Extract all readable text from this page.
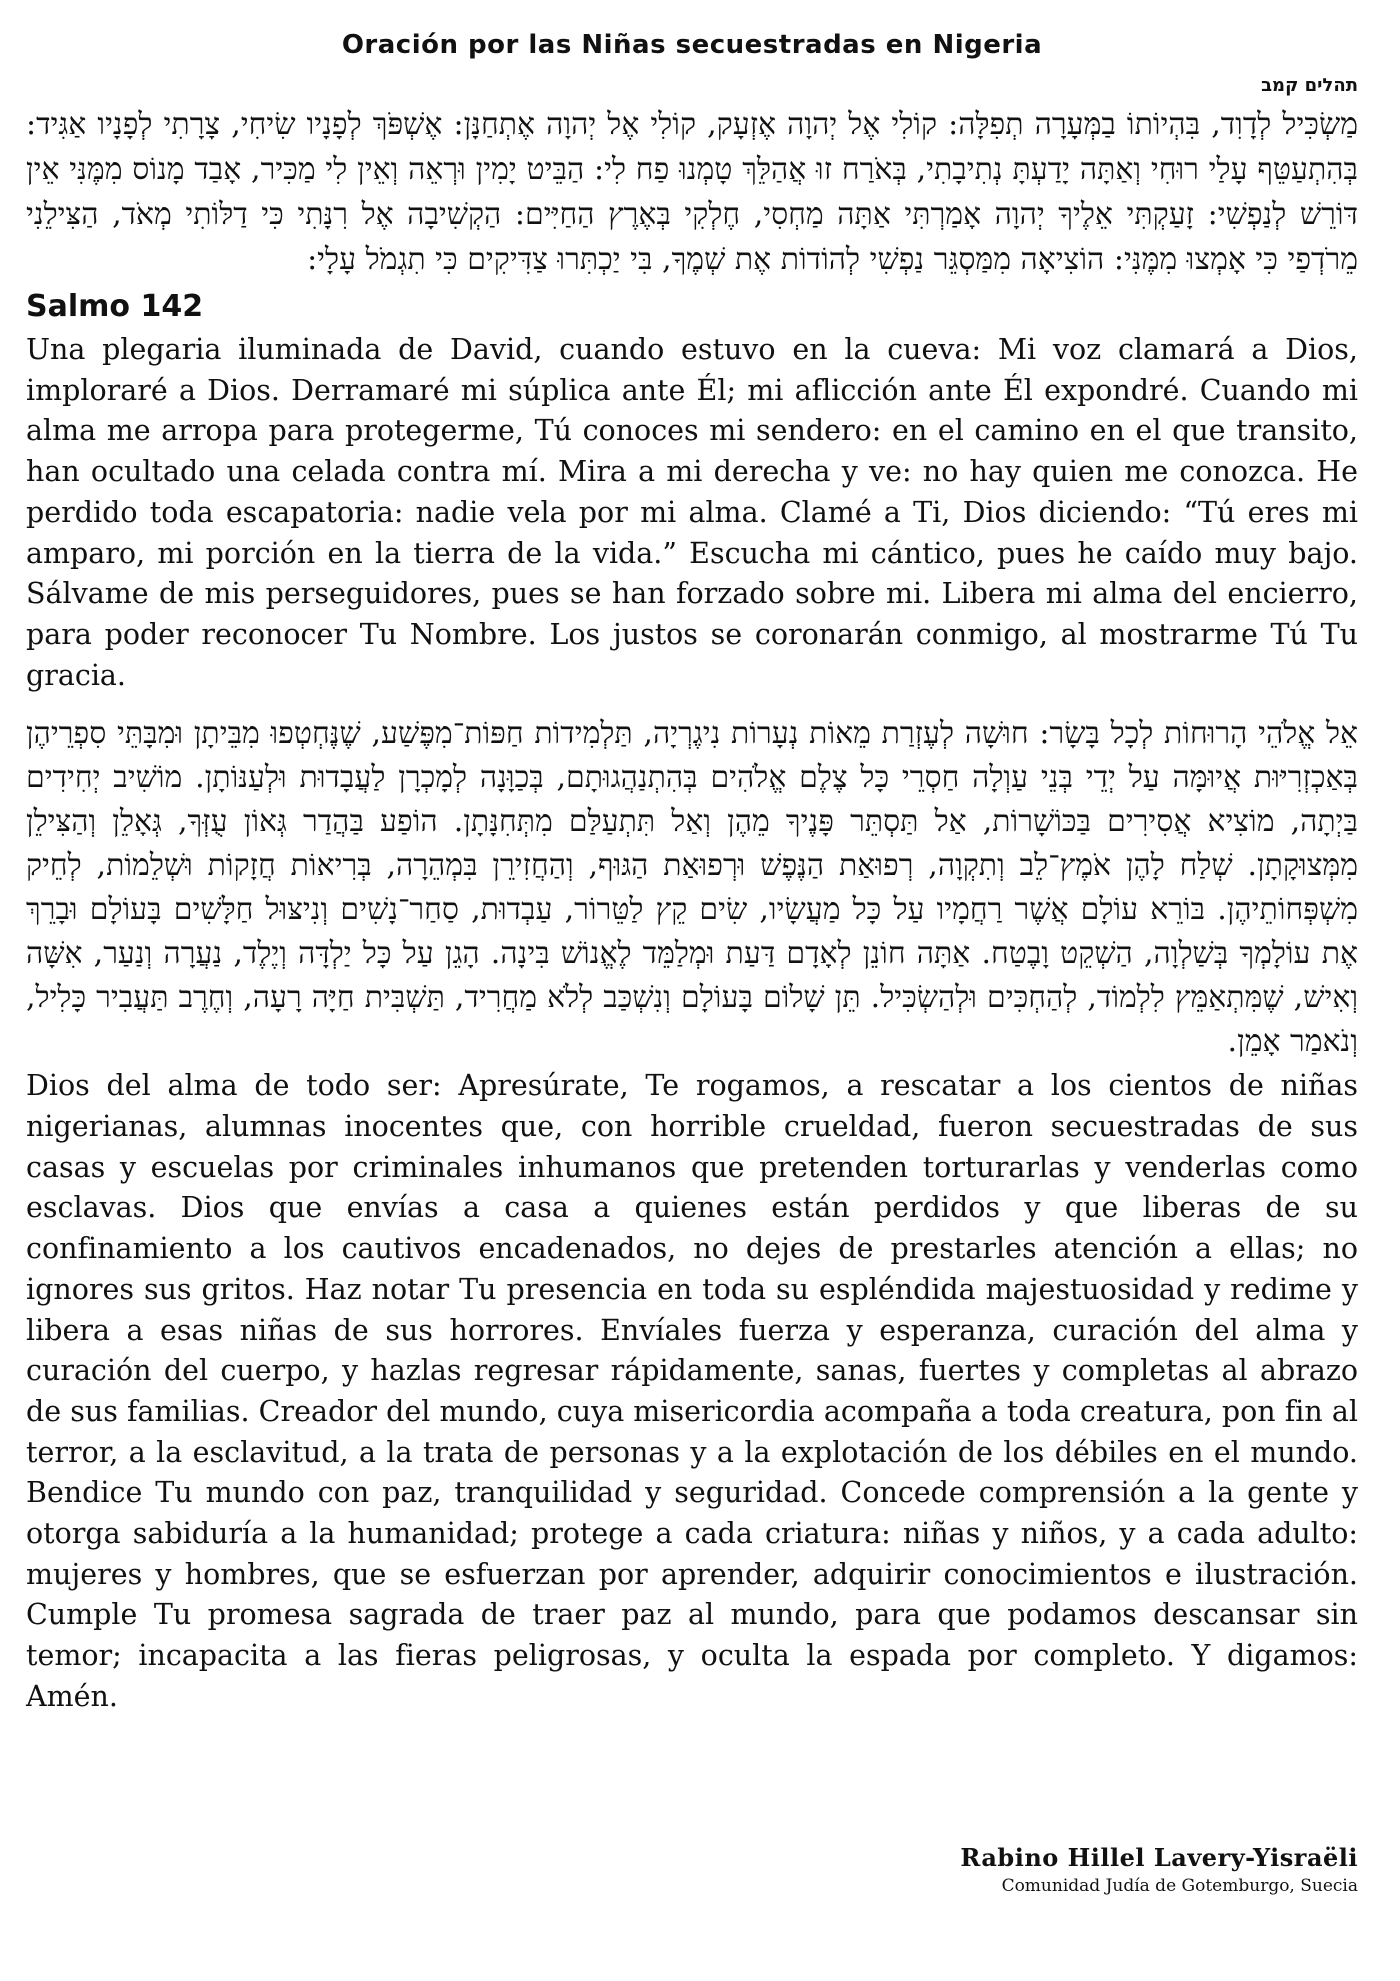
Oración por las Niñas secuestradas en Nigeria
תהלים קמב

מַשְׂכִּיל לְדָוִד, בִּהְיוֹתוֹ בַמְּעָרָה תְפִלָּה: קוֹלִי אֶל יְהוָה אֶזְעָק, קוֹלִי אֶל יְהוָה אֶתְחַנָּן: אֶשְׁפֹּךְ לְפָנָיו שִׂיחִי, צָרָתִי לְפָנָיו אַגִּיד: בְּהִתְעַטֵּף עָלַי רוּחִי וְאַתָּה יָדַעְתָּ נְתִיבָתִי, בְּאֹרַח זוּ אֲהַלֵּךְ טָמְנוּ פַח לִי: הַבֵּיט יָמִין וּרְאֵה וְאֵין לִי מַכִּיר, אָבַד מָנוֹס מִמֶּנִּי אֵין דּוֹרֵשׁ לְנַפְשִׁי: זָעַקְתִּי אֵלֶיךָ יְהוָה אָמַרְתִּי אַתָּה מַחְסִי, חֶלְקִי בְּאֶרֶץ הַחַיִּים: הַקְשִׁיבָה אֶל רִנָּתִי כִּי דַלּוֹתִי מְאֹד, הַצִּילֵנִי מֵרֹדְפַי כִּי אָמְצוּ מִמֶּנִּי: הוֹצִיאָה מִמַּסְגֵּר נַפְשִׁי לְהוֹדוֹת אֶת שְׁמֶךָ, בִּי יַכְתִּרוּ צַדִּיקִים כִּי תִגְמֹל עָלָי:

Salmo 142

Una plegaria iluminada de David, cuando estuvo en la cueva: Mi voz clamará a Dios, imploraré a Dios. Derramaré mi súplica ante Él; mi aflicción ante Él expondré. Cuando mi alma me arropa para protegerme, Tú conoces mi sendero: en el camino en el que transito, han ocultado una celada contra mí. Mira a mi derecha y ve: no hay quien me conozca. He perdido toda escapatoria: nadie vela por mi alma. Clamé a Ti, Dios diciendo: “Tú eres mi amparo, mi porción en la tierra de la vida.” Escucha mi cántico, pues he caído muy bajo. Sálvame de mis perseguidores, pues se han forzado sobre mi. Libera mi alma del encierro, para poder reconocer Tu Nombre. Los justos se coronarán conmigo, al mostrarme Tú Tu gracia.

אֵל אֱלֹהֵי הָרוּחוֹת לְכָל בָּשָׂר: חוּשָׁה לְעֶזְרַת מֵאוֹת נְעָרוֹת נִיגֶרְיָה, תַּלְמִידוֹת חַפּוֹת־מִפֶּשַׁע, שֶׁנֶּחְטְפוּ מִבֵּיתָן וּמִבָּתֵּי סִפְרֵיהֶן בְּאַכְזְרִיּוּת אֲיוּמָּה עַל יְדֵי בְּנֵי עַוְלָה חַסְרֵי כָּל צֶלֶם אֱלֹהִים בְּהִתְנַהֲגוּתָם, בְּכַוָּנָה לְמָכְרָן לַעֲבָדוּת וּלְעַנּוֹתָן. מוֹשִׁיב יְחִידִים בַּיְתָה, מוֹצִיא אֲסִירִים בַּכּוֹשָׁרוֹת, אַל תַּסְתֵּר פָּנֶיךָ מֵהֶן וְאַל תִּתְעַלַּם מִתְּחִנָּתָן. הוֹפַע בַּהֲדַר גְּאוֹן עֻזְּךָ, גְּאָלֵן וְהַצִּילֵן מִמְּצוּקָתָן. שְׁלַח לָהֶן אֹמֶץ־לֵב וְתִקְוָה, רְפוּאַת הַנֶּפֶשׁ וּרְפוּאַת הַגּוּף, וְהַחֲזִירֵן בִּמְהֵרָה, בְּרִיאוֹת חֲזָקוֹת וּשְׁלֵמוֹת, לְחֵיק מִשְׁפְּחוֹתֵיהֶן. בּוֹרֵא עוֹלָם אֲשֶׁר רַחֲמָיו עַל כָּל מַעֲשָׂיו, שִׂים קֵץ לַטֵּרוֹר, עַבְדוּת, סַחַר־נָשִׁים וְנִיצּוּל חַלָּשִׁים בָּעוֹלָם וּבָרֵךְ אֶת עוֹלָמְךָ בְּשַׁלְוָה, הַשְׁקֵט וָבֶטַח. אַתָּה חוֹנֵן לְאָדָם דַּעַת וּמְלַמֵּד לֶאֱנוֹשׁ בִּינָה. הָגֵן עַל כָּל יַלְדָּה וְיֶלֶד, נַעֲרָה וְנַעַר, אִשָּׁה וְאִישׁ, שֶׁמִּתְאַמֵּץ לִלְמוֹד, לְהַחְכִּים וּלְהַשְׂכִּיל. תֵּן שָׁלוֹם בָּעוֹלָם וְנִשְׁכַּב לְלֹא מַחֲרִיד, תַּשְׁבִּית חַיָּה רָעָה, וְחֶרֶב תַּעֲבִיר כָּלִיל, וְנֹאמַר אָמֵן.

Dios del alma de todo ser: Apresúrate, Te rogamos, a rescatar a los cientos de niñas nigerianas, alumnas inocentes que, con horrible crueldad, fueron secuestradas de sus casas y escuelas por criminales inhumanos que pretenden torturarlas y venderlas como esclavas. Dios que envías a casa a quienes están perdidos y que liberas de su confinamiento a los cautivos encadenados, no dejes de prestarles atención a ellas; no ignores sus gritos. Haz notar Tu presencia en toda su espléndida majestuosidad y redime y libera a esas niñas de sus horrores. Envíales fuerza y esperanza, curación del alma y curación del cuerpo, y hazlas regresar rápidamente, sanas, fuertes y completas al abrazo de sus familias. Creador del mundo, cuya misericordia acompaña a toda creatura, pon fin al terror, a la esclavitud, a la trata de personas y a la explotación de los débiles en el mundo. Bendice Tu mundo con paz, tranquilidad y seguridad. Concede comprensión a la gente y otorga sabiduría a la humanidad; protege a cada criatura: niñas y niños, y a cada adulto: mujeres y hombres, que se esfuerzan por aprender, adquirir conocimientos e ilustración. Cumple Tu promesa sagrada de traer paz al mundo, para que podamos descansar sin temor; incapacita a las fieras peligrosas, y oculta la espada por completo. Y digamos: Amén.

Rabino Hillel Lavery-Yisraëli
Comunidad Judía de Gotemburgo, Suecia
